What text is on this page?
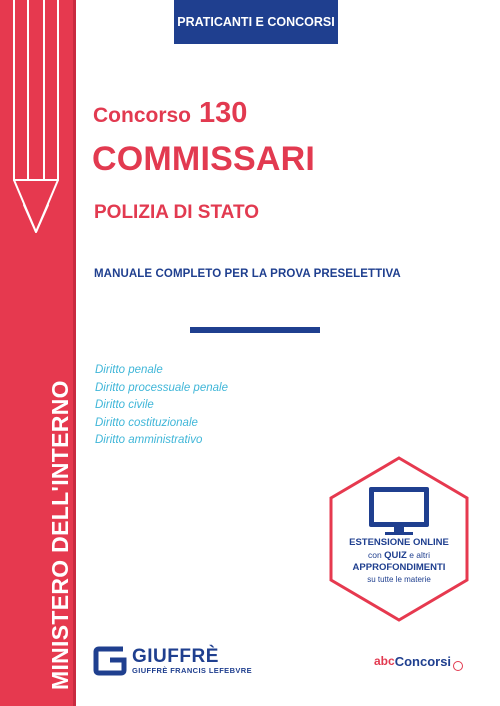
MINISTERO DELL'INTERNO
PRATICANTI E CONCORSI
Concorso 130
COMMISSARI
POLIZIA DI STATO
MANUALE COMPLETO PER LA PROVA PRESELETTIVA
Diritto penale
Diritto processuale penale
Diritto civile
Diritto costituzionale
Diritto amministrativo
ESTENSIONE ONLINE
con QUIZ e altri
APPROFONDIMENTI
su tutte le materie
GIUFFRÈ
GIUFFRÈ FRANCIS LEFEBVRE
abc Concorsi
